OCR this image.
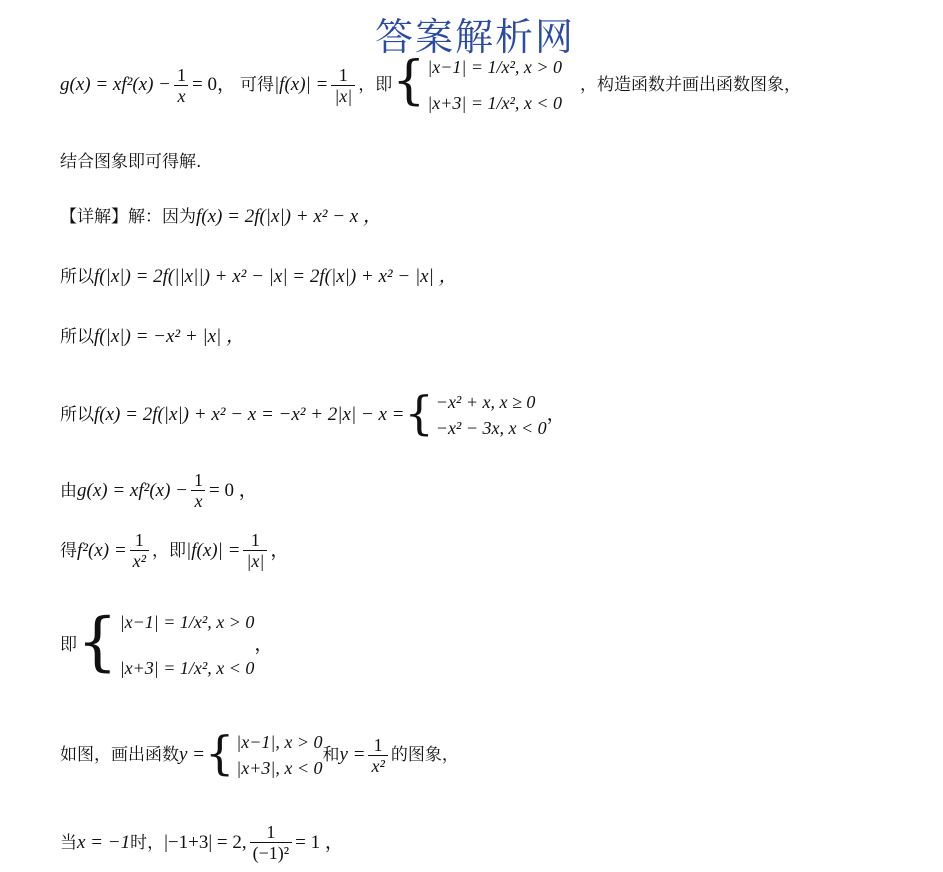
答案解析网
$g(x) = xf^2(x) - \frac{1}{x} = 0$， 可得 $|f(x)| = \frac{1}{|x|}$ ，即 { |x−1| = 1/x², x > 0
|x+3| = 1/x², x < 0
，构造函数并画出函数图象，
结合图象即可得解.
【详解】解：因为 f(x) = 2f(|x|) + x² − x ，
所以 f(|x|) = 2f(||x||) + x² − |x| = 2f(|x|) + x² − |x| ，
所以 f(|x|) = −x² + |x| ，
所以 f(x) = 2f(|x|) + x² − x = −x² + 2|x| − x = { −x² + x, x ≥ 0
−x² − 3x, x < 0
，
由 $g(x) = xf^2(x) - \frac{1}{x} = 0$ ，
得 $f^2(x) = \frac{1}{\text{x²}}$ ，即 $|f(x)| = \frac{1}{|x|}$ ，
即 { |x−1| = 1/x², x > 0
|x+3| = 1/x², x < 0
，
如图，画出函数 y = { |x−1|, x > 0
|x+3|, x < 0
和 $y = \frac{1}{\text{x²}}$ 的图象，
当 x = −1 时， |−1+3| = 2, $\frac{1}{\text{(−1)²}} = 1$ ，
